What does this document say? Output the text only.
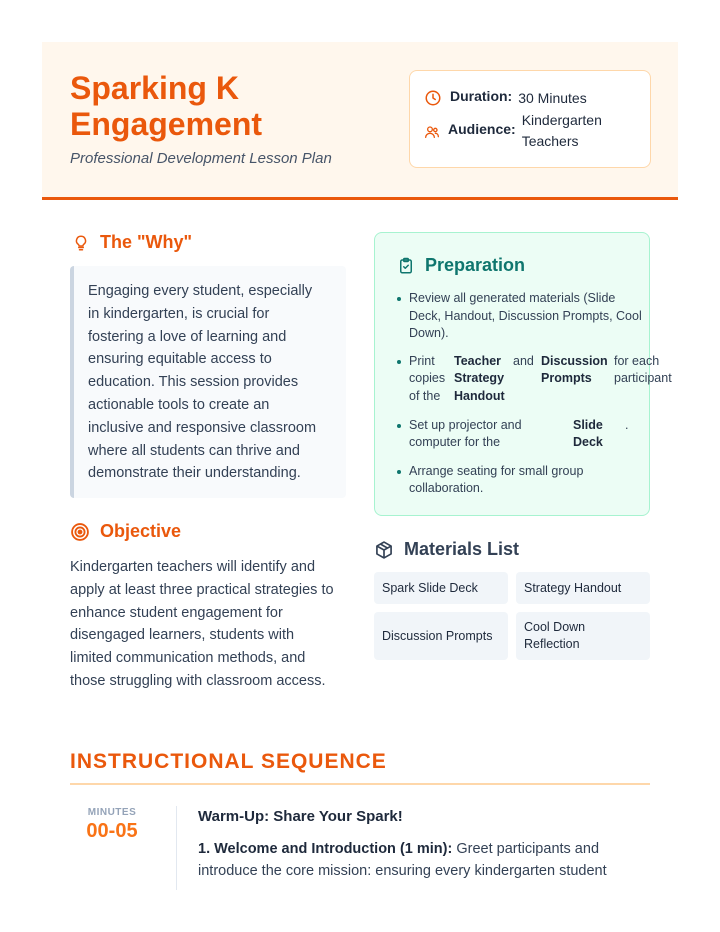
Sparking K
Engagement
Professional Development Lesson Plan
Duration: 30 Minutes
Audience:
Kindergarten
Teachers
The "Why"
Engaging every student, especially
in kindergarten, is crucial for
fostering a love of learning and
ensuring equitable access to
education. This session provides
actionable tools to create an
inclusive and responsive classroom
where all students can thrive and
demonstrate their understanding.
Objective
Kindergarten teachers will identify and
apply at least three practical strategies to
enhance student engagement for
disengaged learners, students with
limited communication methods, and
those struggling with classroom access.
Preparation
Review all generated materials (Slide Deck, Handout, Discussion Prompts, Cool Down).
Print
copies
of the
Teacher
Strategy
Handout
and Discussion
Prompts
for each
participant
Set up projector and
computer for the
Slide
Deck
.
Arrange seating for small group collaboration.
Materials List
Spark Slide Deck	Strategy Handout
Discussion Prompts
Cool Down Reflection
INSTRUCTIONAL SEQUENCE
MINUTES
00-05
Warm-Up: Share Your Spark!
1. Welcome and Introduction (1 min): Greet participants and introduce the core mission: ensuring every kindergarten student
